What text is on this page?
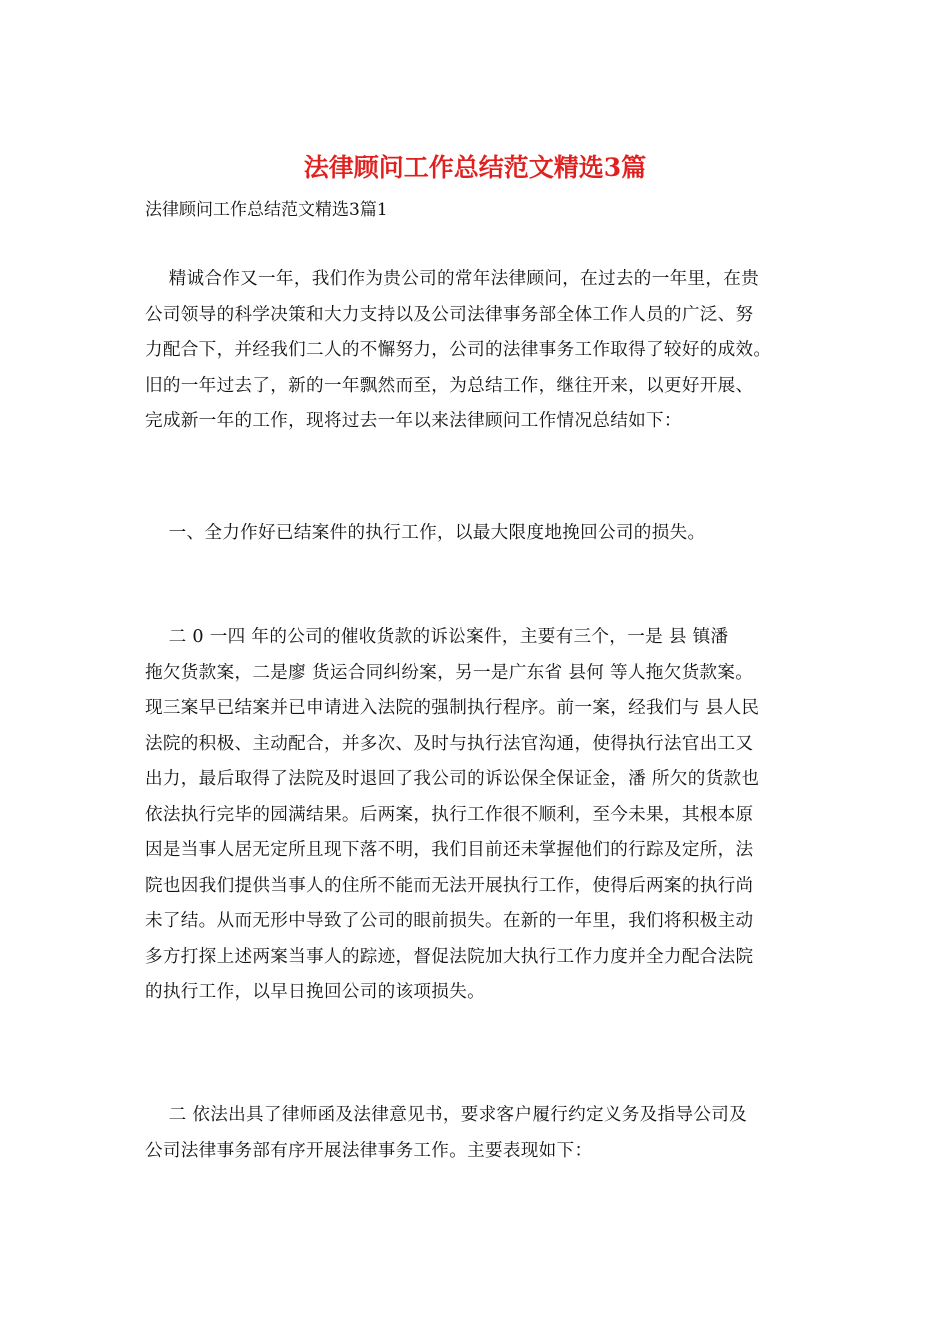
法律顾问工作总结范文精选3篇

法律顾问工作总结范文精选3篇1

精诚合作又一年，我们作为贵公司的常年法律顾问，在过去的一年里，在贵
公司领导的科学决策和大力支持以及公司法律事务部全体工作人员的广泛、努
力配合下，并经我们二人的不懈努力，公司的法律事务工作取得了较好的成效。
旧的一年过去了，新的一年飘然而至，为总结工作，继往开来，以更好开展、
完成新一年的工作，现将过去一年以来法律顾问工作情况总结如下：
一、全力作好已结案件的执行工作，以最大限度地挽回公司的损失。
二 0 一四 年的公司的催收货款的诉讼案件，主要有三个，一是 县 镇潘
拖欠货款案，二是廖 货运合同纠纷案，另一是广东省 县何 等人拖欠货款案。
现三案早已结案并已申请进入法院的强制执行程序。前一案，经我们与 县人民
法院的积极、主动配合，并多次、及时与执行法官沟通，使得执行法官出工又
出力，最后取得了法院及时退回了我公司的诉讼保全保证金，潘 所欠的货款也
依法执行完毕的园满结果。后两案，执行工作很不顺利，至今未果，其根本原
因是当事人居无定所且现下落不明，我们目前还未掌握他们的行踪及定所，法
院也因我们提供当事人的住所不能而无法开展执行工作，使得后两案的执行尚
未了结。从而无形中导致了公司的眼前损失。在新的一年里，我们将积极主动
多方打探上述两案当事人的踪迹，督促法院加大执行工作力度并全力配合法院
的执行工作，以早日挽回公司的该项损失。
二 依法出具了律师函及法律意见书，要求客户履行约定义务及指导公司及
公司法律事务部有序开展法律事务工作。主要表现如下：
